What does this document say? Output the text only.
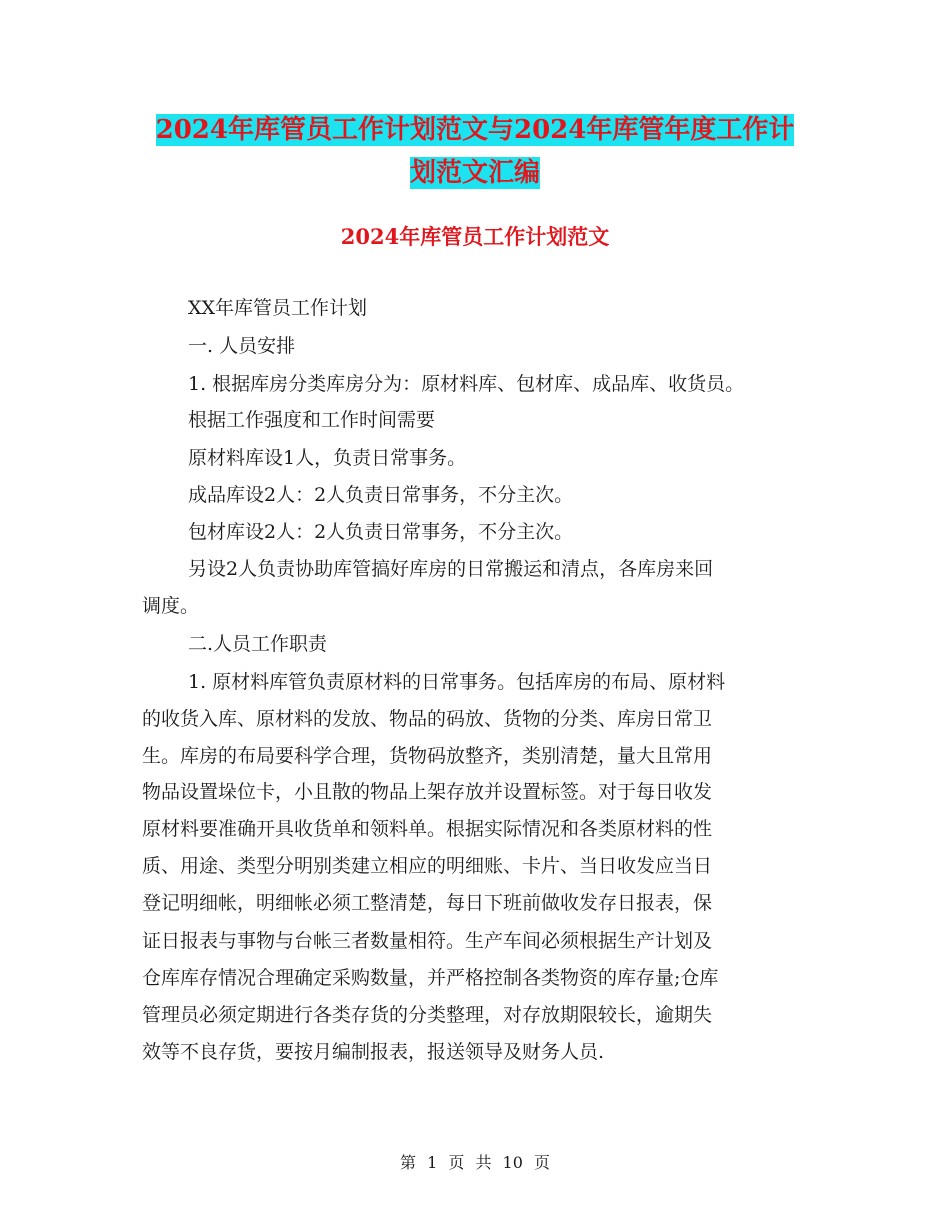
2024年库管员工作计划范文与2024年库管年度工作计
划范文汇编
2024年库管员工作计划范文
XX年库管员工作计划
一. 人员安排
1. 根据库房分类库房分为：原材料库、包材库、成品库、收货员。
根据工作强度和工作时间需要
原材料库设1人，负责日常事务。
成品库设2人：2人负责日常事务，不分主次。
包材库设2人：2人负责日常事务，不分主次。
另设2人负责协助库管搞好库房的日常搬运和清点，各库房来回
调度。
二.人员工作职责
1. 原材料库管负责原材料的日常事务。包括库房的布局、原材料
的收货入库、原材料的发放、物品的码放、货物的分类、库房日常卫
生。库房的布局要科学合理，货物码放整齐，类别清楚，量大且常用
物品设置垛位卡，小且散的物品上架存放并设置标签。对于每日收发
原材料要准确开具收货单和领料单。根据实际情况和各类原材料的性
质、用途、类型分明别类建立相应的明细账、卡片、当日收发应当日
登记明细帐，明细帐必须工整清楚，每日下班前做收发存日报表，保
证日报表与事物与台帐三者数量相符。生产车间必须根据生产计划及
仓库库存情况合理确定采购数量，并严格控制各类物资的库存量;仓库
管理员必须定期进行各类存货的分类整理，对存放期限较长，逾期失
效等不良存货，要按月编制报表，报送领导及财务人员.
第 1 页 共 10 页
